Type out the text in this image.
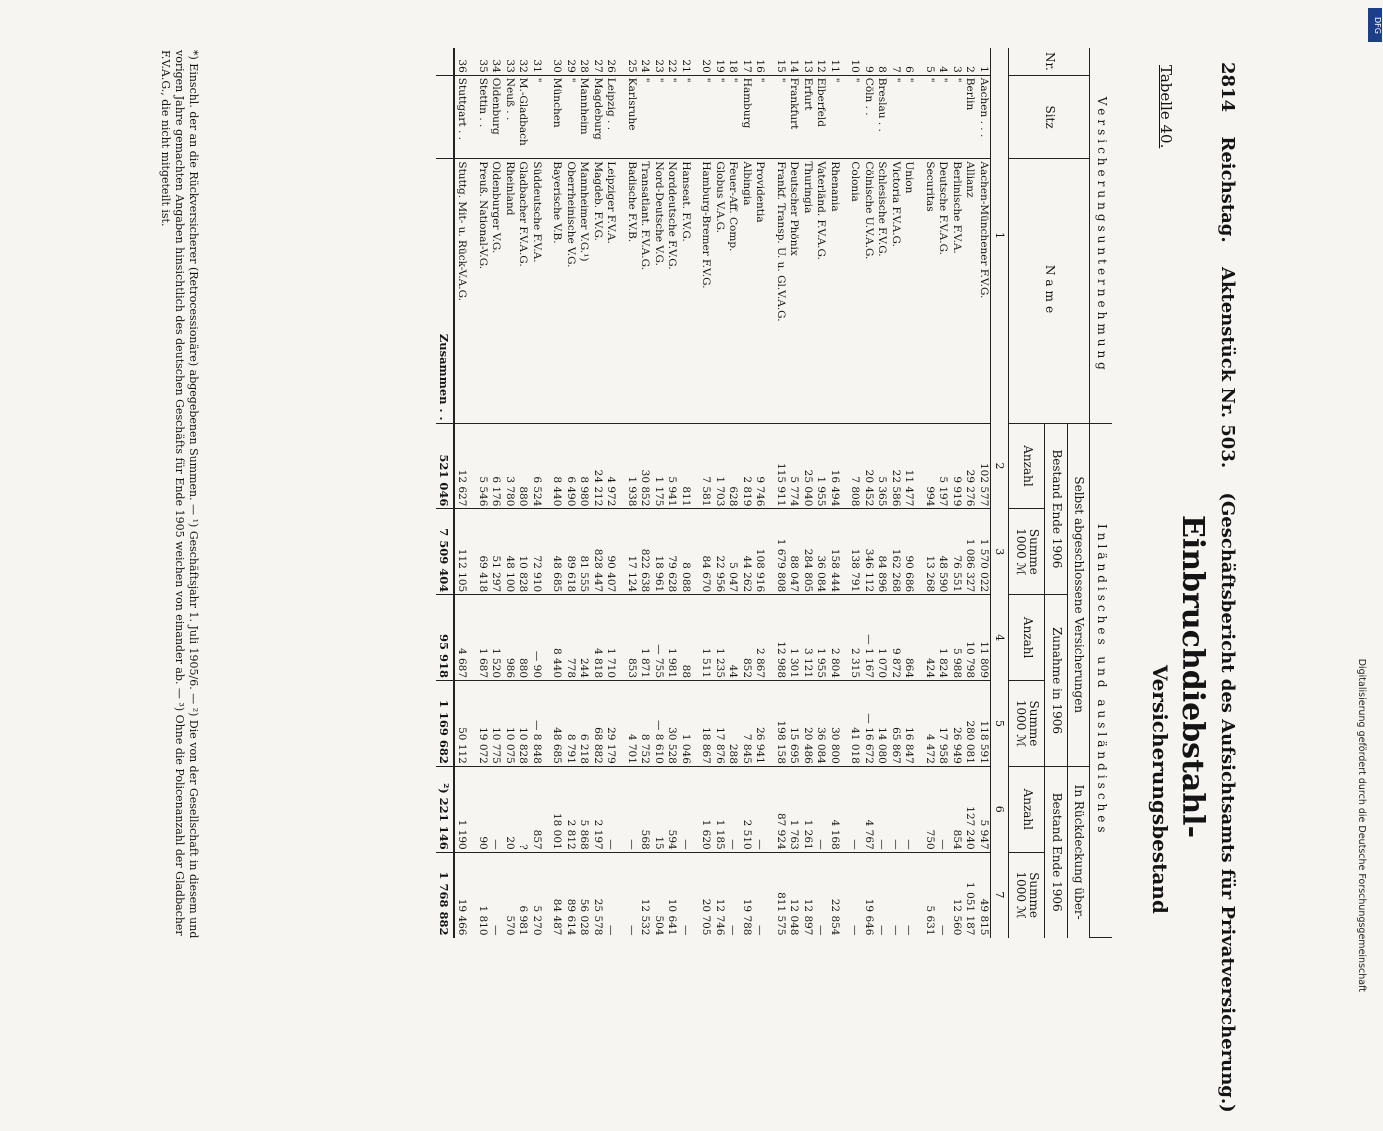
2814 Reichstag. Aktenstück Nr. 503. (Geschäftsbericht des Aufsichtsamts für Privatversicherung.)
Tabelle 40.
Einbruchdiebstahl-
Versicherungsbestand
Versicherungsunternehmung			Inländisches und ausländisches					
Nr.	Sitz	Name	Selbst abgeschlossene Versicherungen				In Rückdeckung über-	
			Bestand Ende 1906		Zunahme in 1906		Bestand Ende 1906	
			Anzahl	Summe
1000 ℳ	Anzahl	Summe
1000 ℳ	Anzahl	Summe
1000 ℳ
1			2	3	4	5	6	7
1	Aachen . . .	Aachen-Münchener F.V.G.	102 577	1 570 022	11 809	118 591	5 947	49 815
2	Berlin	Allianz	29 276	1 086 327	10 798	280 081	127 240	1 051 187
3	"	Berlinische F.V.A.	9 919	76 551	5 988	26 949	854	12 560
4	"	Deutsche F.V.A.G.	5 197	48 590	1 824	17 958	—	—
5	"	Securitas	994	13 268	424	4 472	750	5 631

6	"	Union	11 477	90 686	864	16 847	—	—
7	"	Victoria F.V.A.G.	22 586	162 268	9 872	65 867	—	—
8	Breslau . .	Schlesische F.V.G.	5 365	84 896	1 070	14 080	—	—
9	Cöln . .	Cölnische U.V.A.G.	20 452	346 112	— 1 167	— 16 672	4 767	19 646
10	"	Colonia	7 808	138 791	2 315	41 018	—	—

11	"	Rhenania	16 494	158 444	2 804	30 800	4 168	22 854
12	Elberfeld	Vaterländ. F.V.A.G.	1 955	36 084	1 955	36 084	—	—
13	Erfurt	Thuringia	25 040	284 805	3 121	20 486	1 261	12 897
14	Frankfurt	Deutscher Phönix	5 774	88 047	1 301	15 695	1 763	12 048
15	"	Frankf. Transp. U. u. Gl.V.A.G.	115 911	1 679 808	12 988	198 158	87 924	811 575

16	"	Providentia	9 746	108 916	2 867	26 941	—	—
17	Hamburg	Albingia	2 819	44 262	852	7 845	2 510	19 788
18	"	Feuer-Aff. Comp.	628	5 047	44	288	—	—
19	"	Globus V.A.G.	1 703	22 956	1 235	17 876	1 185	12 746
20	"	Hamburg-Bremer F.V.G.	7 581	84 670	1 511	18 867	1 620	20 705

21	"	Hanseat. F.V.G.	811	8 088	88	1 046	—	—
22	"	Norddeutsche F.V.G.	5 941	79 628	1 981	30 528	594	10 641
23	"	Nord-Deutsche V.G.	1 175	18 961	— 755	— 8 610	15	504
24	"	Transatlant. F.V.A.G.	30 852	822 638	1 871	8 752	568	12 532
25	Karlsruhe	Badische F.V.B.	1 938	17 124	853	4 701	—	—

26	Leipzig . .	Leipziger F.V.A.	4 972	90 407	1 710	29 179	—	—
27	Magdeburg	Magdeb. F.V.G.	24 212	828 447	4 818	68 882	2 197	25 578
28	Mannheim	Mannheimer V.G.¹)	8 980	81 555	244	6 218	5 868	56 028
29	"	Oberrheinische V.G.	6 490	89 618	778	8 791	2 812	89 614
30	München	Bayerische V.B.	8 440	48 685	8 440	48 685	18 001	84 487

31	"	Süddeutsche F.V.A.	6 524	72 910	— 90	— 8 848	857	5 270
32	M.-Gladbach	Gladbacher F.V.A.G.	880	10 828	880	10 828	?	6 981
33	Neuß . .	Rheinland	3 780	48 100	986	10 075	20	570
34	Oldenburg	Oldenburger V.G.	6 176	51 297	1 520	10 775	—	—
35	Stettin . .	Preuß. National-V.G.	5 546	69 418	1 687	19 072	90	1 810

36	Stuttgart . .	Stuttg. Mit- u. Rück-V.A.G.	12 627	112 105	4 687	50 112	1 190	19 466
		Zusammen . .	521 046	7 509 404	95 918	1 169 682	²) 221 146	1 768 882
*) Einschl. der an die Rückversicherer (Retrocessionäre) abgegebenen Summen. — ¹) Geschäftsjahr 1. Juli 1905/6. — ²) Die von der Gesellschaft in diesem und vorigen Jahre gemachten Angaben hinsichtlich des deutschen Geschäfts für Ende 1905 weichen von einander ab. — ³) Ohne die Policenanzahl der Gladbacher F.V.A.G., die nicht mitgeteilt ist.
Digitalisierung gefördert durch die Deutsche Forschungsgemeinschaft
DFG
